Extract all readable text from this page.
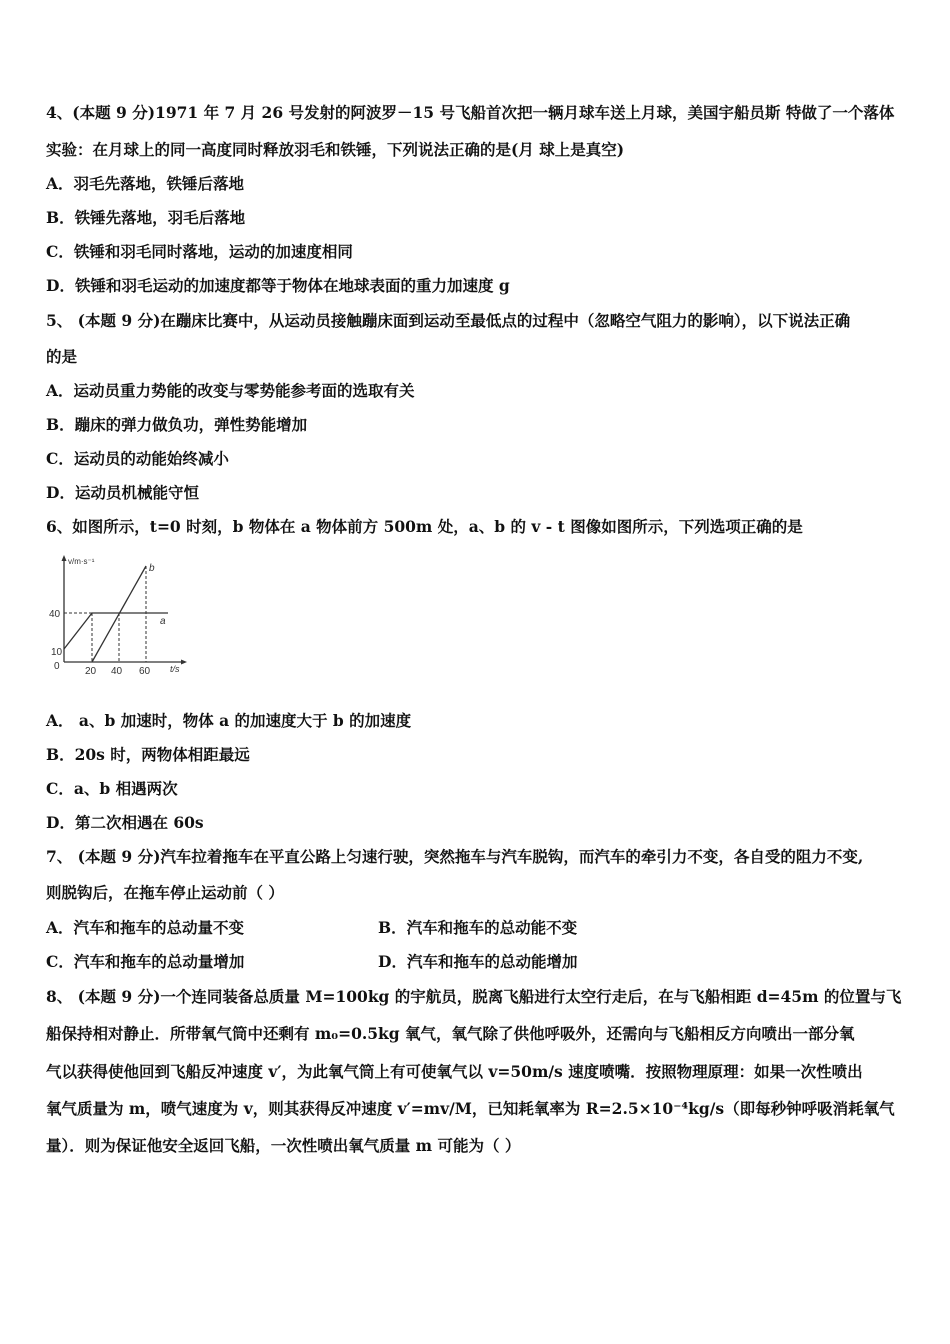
4、(本题 9 分)1971 年 7 月 26 号发射的阿波罗－15 号飞船首次把一辆月球车送上月球，美国宇船员斯 特做了一个落体
实验：在月球上的同一高度同时释放羽毛和铁锤，下列说法正确的是(月 球上是真空)
A．羽毛先落地，铁锤后落地
B．铁锤先落地，羽毛后落地
C．铁锤和羽毛同时落地，运动的加速度相同
D．铁锤和羽毛运动的加速度都等于物体在地球表面的重力加速度 g
5、 (本题 9 分)在蹦床比赛中，从运动员接触蹦床面到运动至最低点的过程中（忽略空气阻力的影响），以下说法正确
的是
A．运动员重力势能的改变与零势能参考面的选取有关
B．蹦床的弹力做负功，弹性势能增加
C．运动员的动能始终减小
D．运动员机械能守恒
6、如图所示，t=0 时刻，b 物体在 a 物体前方 500m 处，a、b 的 v - t 图像如图所示，下列选项正确的是
v/m·s⁻¹
t/s
40
10
0	20 40 60
a
b
A． a、b 加速时，物体 a 的加速度大于 b 的加速度
B．20s 时，两物体相距最远
C．a、b 相遇两次
D．第二次相遇在 60s
7、 (本题 9 分)汽车拉着拖车在平直公路上匀速行驶，突然拖车与汽车脱钩，而汽车的牵引力不变，各自受的阻力不变,
则脱钩后，在拖车停止运动前（ ）
A．汽车和拖车的总动量不变	B．汽车和拖车的总动能不变
C．汽车和拖车的总动量增加	D．汽车和拖车的总动能增加
8、 (本题 9 分)一个连同装备总质量 M=100kg 的宇航员，脱离飞船进行太空行走后，在与飞船相距 d=45m 的位置与飞
船保持相对静止．所带氧气筒中还剩有 m₀=0.5kg 氧气，氧气除了供他呼吸外，还需向与飞船相反方向喷出一部分氧
气以获得使他回到飞船反冲速度 v′，为此氧气筒上有可使氧气以 v=50m/s 速度喷嘴．按照物理原理：如果一次性喷出
氧气质量为 m，喷气速度为 v，则其获得反冲速度 v′=mv/M，已知耗氧率为 R=2.5×10⁻⁴kg/s（即每秒钟呼吸消耗氧气
量）．则为保证他安全返回飞船，一次性喷出氧气质量 m 可能为（ ）
